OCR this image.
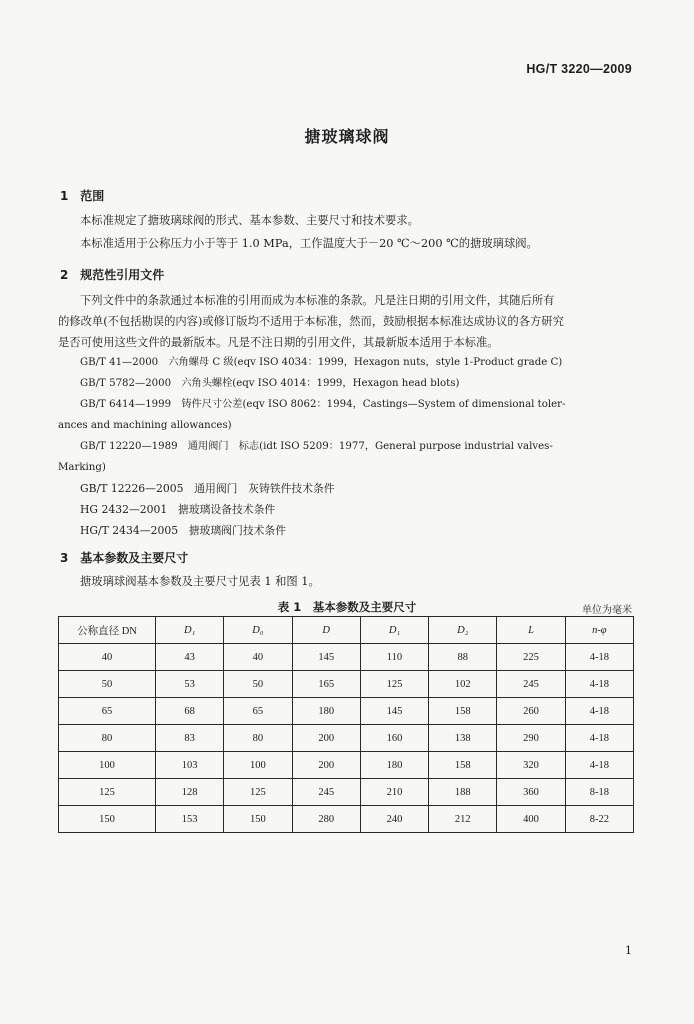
HG/T 3220—2009
搪玻璃球阀
1 范围
本标准规定了搪玻璃球阀的形式、基本参数、主要尺寸和技术要求。
本标准适用于公称压力小于等于 1.0 MPa，工作温度大于－20 ℃～200 ℃的搪玻璃球阀。
2 规范性引用文件
下列文件中的条款通过本标准的引用而成为本标准的条款。凡是注日期的引用文件，其随后所有
的修改单(不包括勘误的内容)或修订版均不适用于本标准，然而，鼓励根据本标准达成协议的各方研究
是否可使用这些文件的最新版本。凡是不注日期的引用文件，其最新版本适用于本标准。
GB/T 41—2000　六角螺母 C 级(eqv ISO 4034：1999，Hexagon nuts，style 1-Product grade C)
GB/T 5782—2000　六角头螺栓(eqv ISO 4014：1999，Hexagon head blots)
GB/T 6414—1999　铸件尺寸公差(eqv ISO 8062：1994，Castings—System of dimensional toler-
ances and machining allowances)
GB/T 12220—1989　通用阀门　标志(idt ISO 5209：1977，General purpose industrial valves-
Marking)
GB/T 12226—2005　通用阀门　灰铸铁件技术条件
HG 2432—2001　搪玻璃设备技术条件
HG/T 2434—2005　搪玻璃阀门技术条件
3 基本参数及主要尺寸
搪玻璃球阀基本参数及主要尺寸见表 1 和图 1。
表 1　基本参数及主要尺寸	单位为毫米
公称直径 DN	D₁	D₀	D	D₁	D₂	L	n-φ
40	43	40	145	110	88	225	4-18
50	53	50	165	125	102	245	4-18
65	68	65	180	145	158	260	4-18
80	83	80	200	160	138	290	4-18
100	103	100	200	180	158	320	4-18
125	128	125	245	210	188	360	8-18
150	153	150	280	240	212	400	8-22
1
